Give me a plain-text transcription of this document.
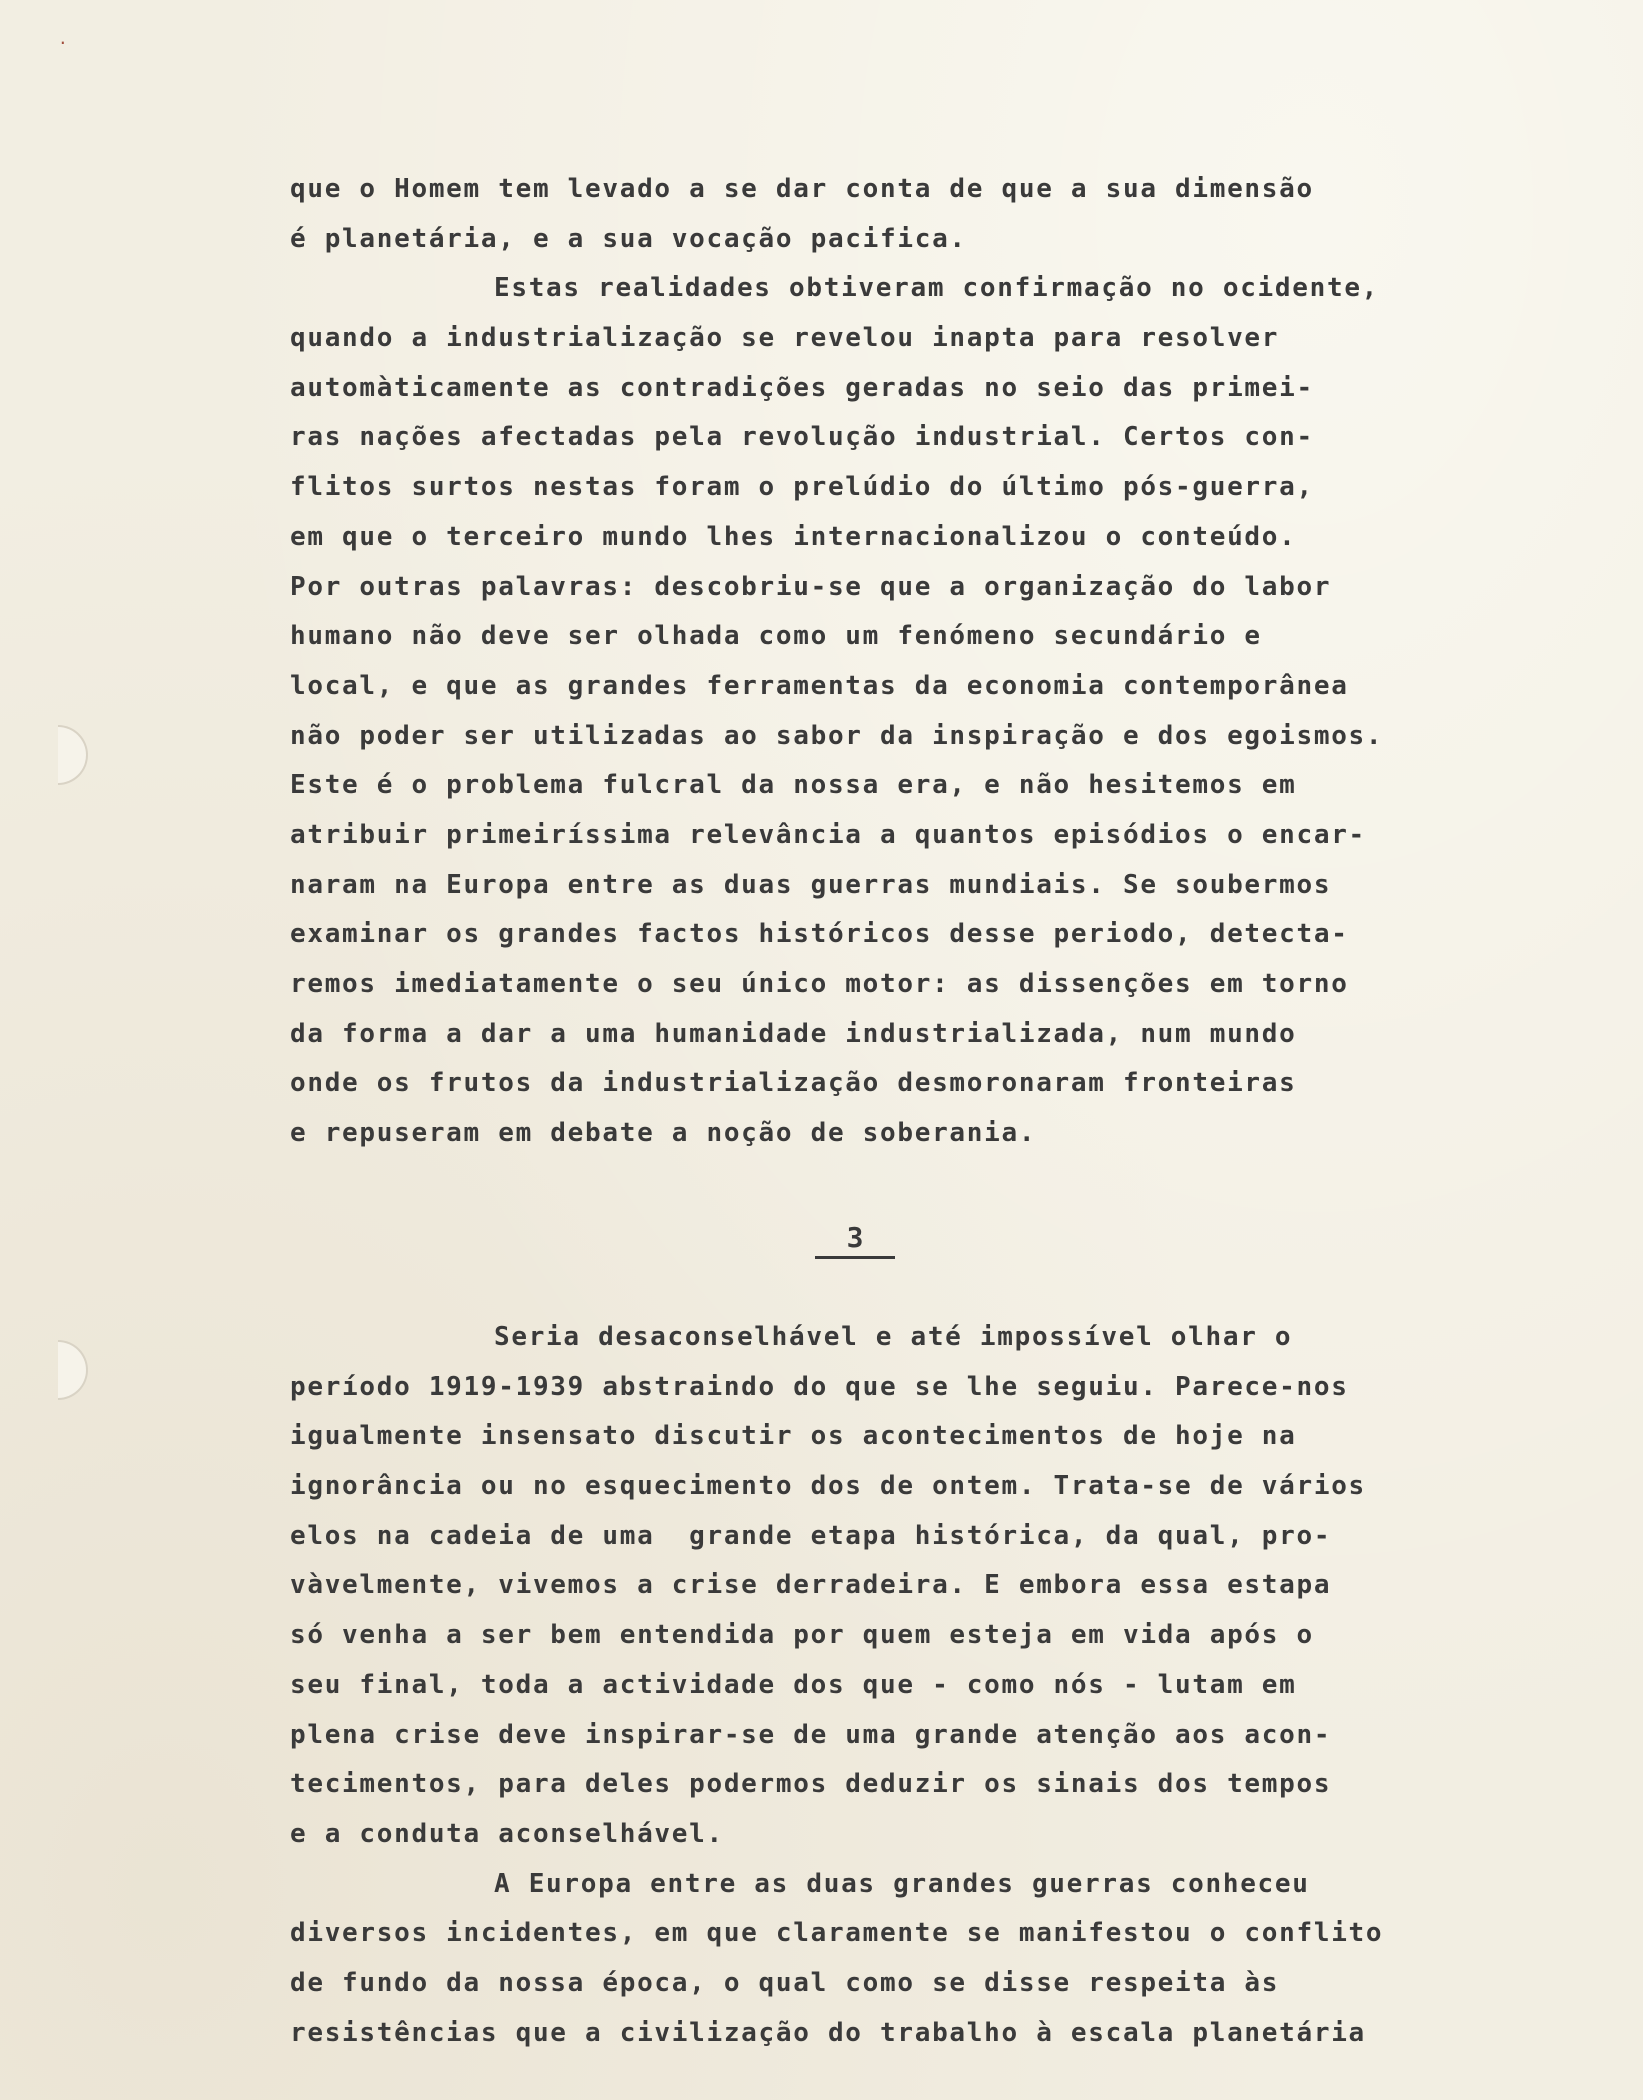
.
que o Homem tem levado a se dar conta de que a sua dimensão
é planetária, e a sua vocação pacifica.
Estas realidades obtiveram confirmação no ocidente,
quando a industrialização se revelou inapta para resolver
automàticamente as contradições geradas no seio das primei-
ras nações afectadas pela revolução industrial. Certos con-
flitos surtos nestas foram o prelúdio do último pós-guerra,
em que o terceiro mundo lhes internacionalizou o conteúdo.
Por outras palavras: descobriu-se que a organização do labor
humano não deve ser olhada como um fenómeno secundário e
local, e que as grandes ferramentas da economia contemporânea
não poder ser utilizadas ao sabor da inspiração e dos egoismos.
Este é o problema fulcral da nossa era, e não hesitemos em
atribuir primeiríssima relevância a quantos episódios o encar-
naram na Europa entre as duas guerras mundiais. Se soubermos
examinar os grandes factos históricos desse periodo, detecta-
remos imediatamente o seu único motor: as dissenções em torno
da forma a dar a uma humanidade industrializada, num mundo
onde os frutos da industrialização desmoronaram fronteiras
e repuseram em debate a noção de soberania.
3
Seria desaconselhável e até impossível olhar o
período 1919-1939 abstraindo do que se lhe seguiu. Parece-nos
igualmente insensato discutir os acontecimentos de hoje na
ignorância ou no esquecimento dos de ontem. Trata-se de vários
elos na cadeia de uma  grande etapa histórica, da qual, pro-
vàvelmente, vivemos a crise derradeira. E embora essa estapa
só venha a ser bem entendida por quem esteja em vida após o
seu final, toda a actividade dos que - como nós - lutam em
plena crise deve inspirar-se de uma grande atenção aos acon-
tecimentos, para deles podermos deduzir os sinais dos tempos
e a conduta aconselhável.
A Europa entre as duas grandes guerras conheceu
diversos incidentes, em que claramente se manifestou o conflito
de fundo da nossa época, o qual como se disse respeita às
resistências que a civilização do trabalho à escala planetária
